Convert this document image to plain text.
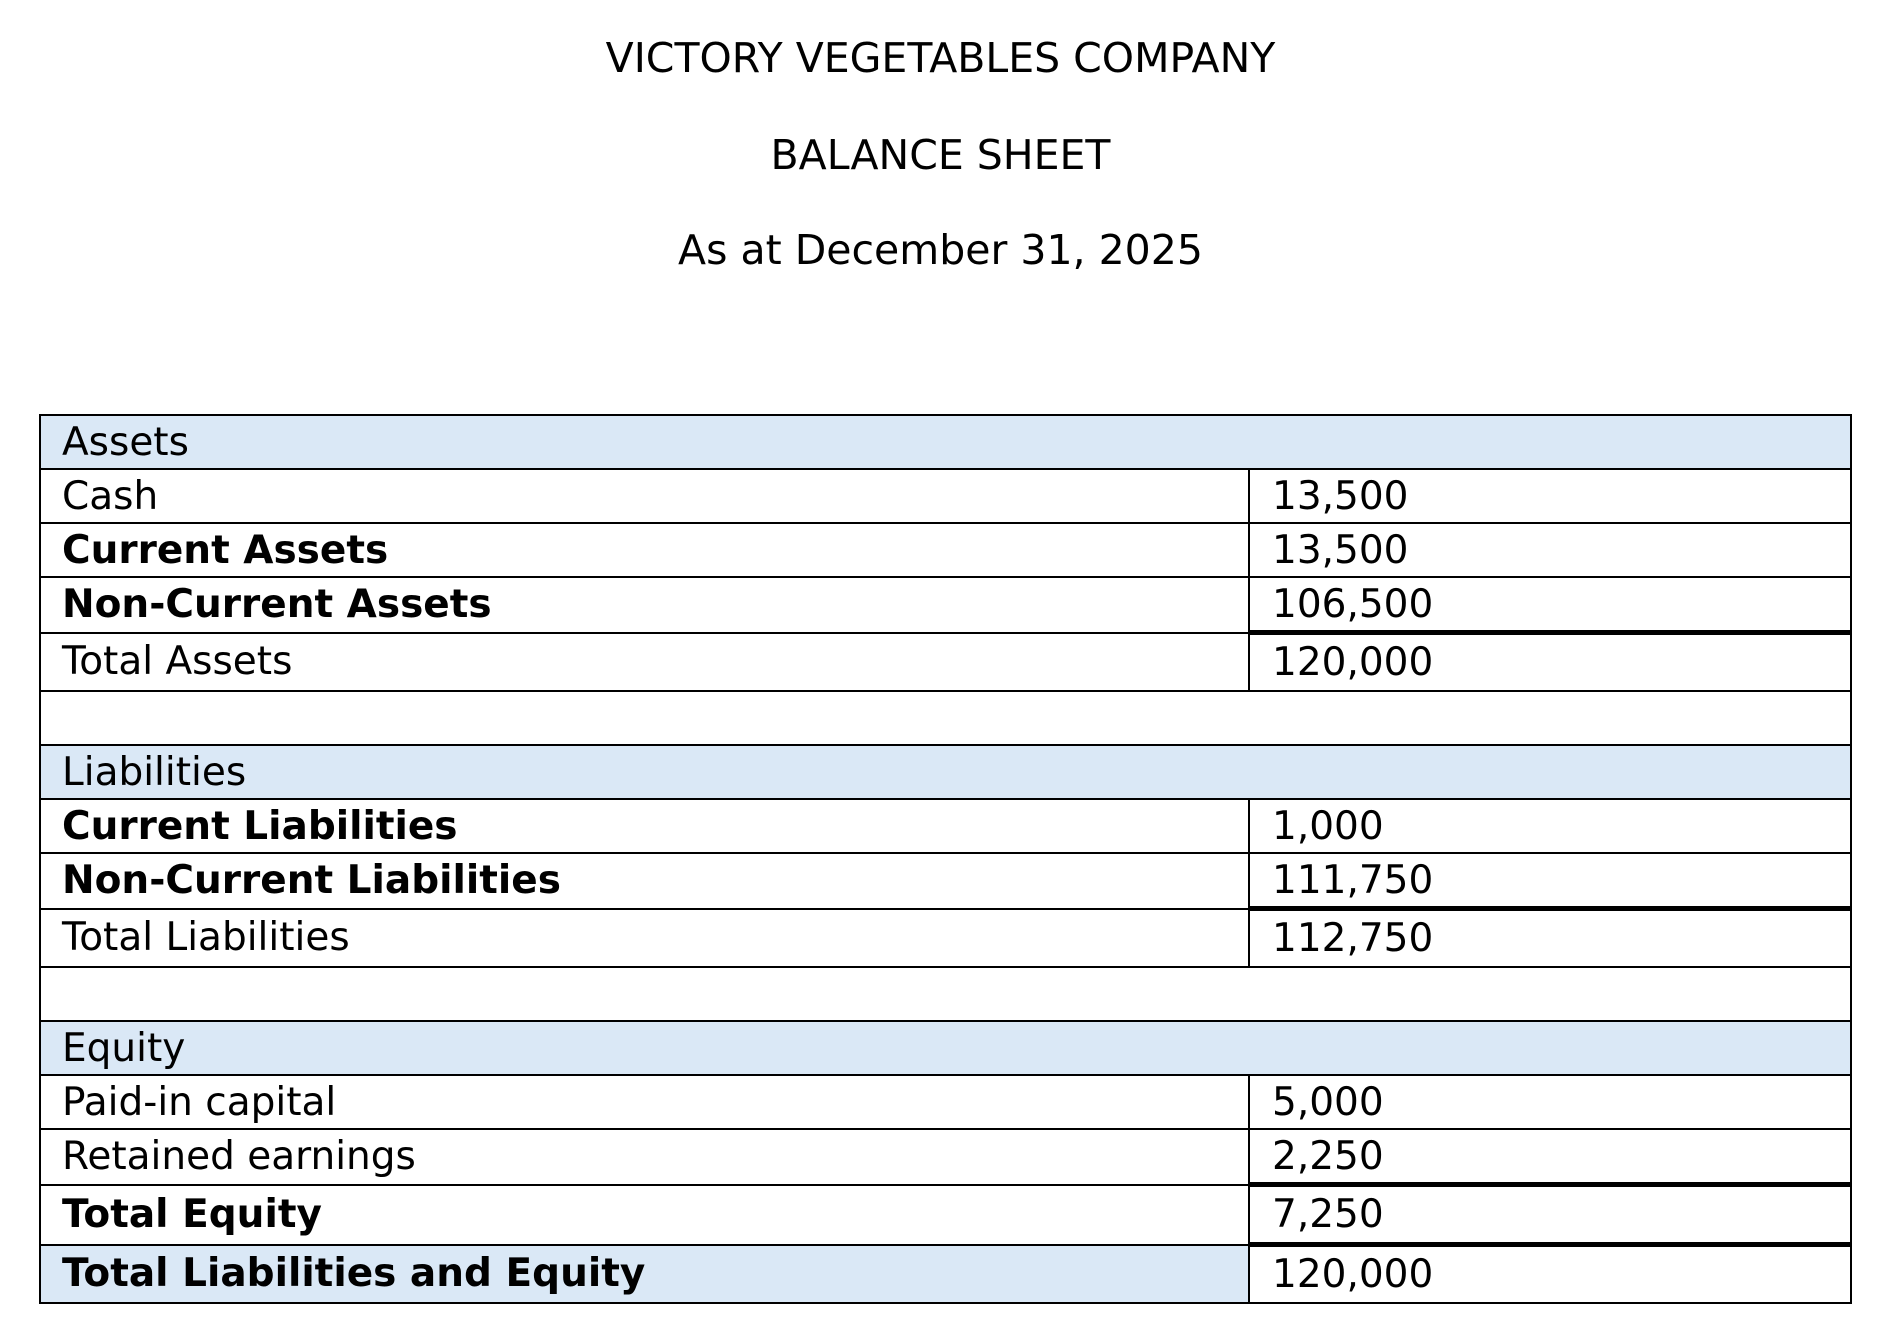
VICTORY VEGETABLES COMPANY
BALANCE SHEET
As at December 31, 2025
Assets	
Cash	13,500
Current Assets	13,500
Non-Current Assets	106,500
Total Assets	120,000

Liabilities	
Current Liabilities	1,000
Non-Current Liabilities	111,750
Total Liabilities	112,750

Equity	
Paid-in capital	5,000
Retained earnings	2,250
Total Equity	7,250
Total Liabilities and Equity	120,000
